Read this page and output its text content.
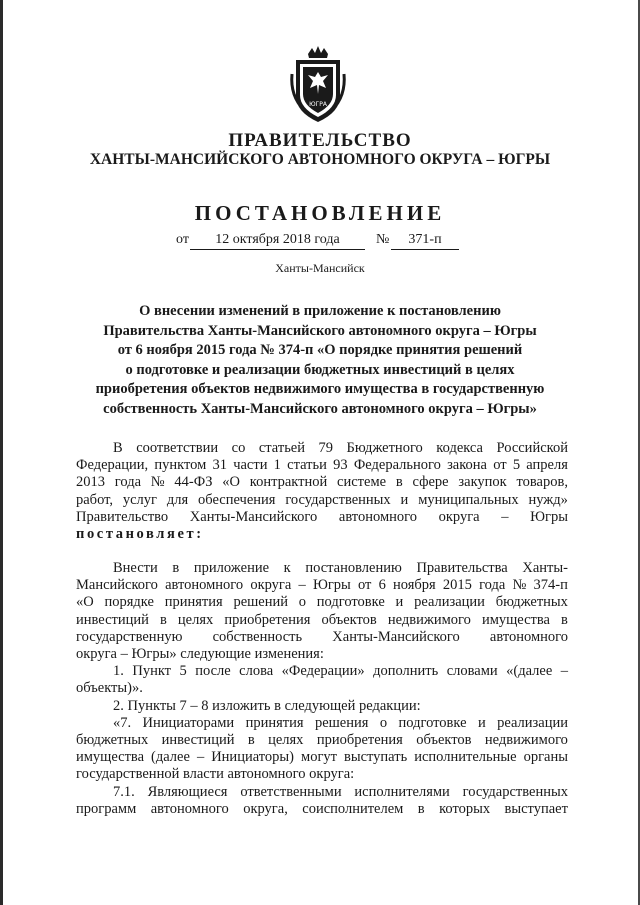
ЮГРА
ПРАВИТЕЛЬСТВО
ХАНТЫ-МАНСИЙСКОГО АВТОНОМНОГО ОКРУГА – ЮГРЫ
ПОСТАНОВЛЕНИЕ
от	12 октября 2018 года	№	371-п
Ханты-Мансийск
О внесении изменений в приложение к постановлению
Правительства Ханты-Мансийского автономного округа – Югры
от 6 ноября 2015 года № 374-п «О порядке принятия решений
о подготовке и реализации бюджетных инвестиций в целях
приобретения объектов недвижимого имущества в государственную
собственность Ханты-Мансийского автономного округа – Югры»
В соответствии со статьей 79 Бюджетного кодекса Российской
Федерации, пунктом 31 части 1 статьи 93 Федерального закона от 5 апреля
2013 года № 44-ФЗ «О контрактной системе в сфере закупок товаров,
работ, услуг для обеспечения государственных и муниципальных нужд»
Правительство Ханты-Мансийского автономного округа – Югры
постановляет:
Внести в приложение к постановлению Правительства Ханты-
Мансийского автономного округа – Югры от 6 ноября 2015 года № 374-п
«О порядке принятия решений о подготовке и реализации бюджетных
инвестиций в целях приобретения объектов недвижимого имущества в
государственную собственность Ханты-Мансийского автономного
округа – Югры» следующие изменения:
1. Пункт 5 после слова «Федерации» дополнить словами «(далее –
объекты)».
2. Пункты 7 – 8 изложить в следующей редакции:
«7. Инициаторами принятия решения о подготовке и реализации
бюджетных инвестиций в целях приобретения объектов недвижимого
имущества (далее – Инициаторы) могут выступать исполнительные органы
государственной власти автономного округа:
7.1. Являющиеся ответственными исполнителями государственных
программ автономного округа, соисполнителем в которых выступает
